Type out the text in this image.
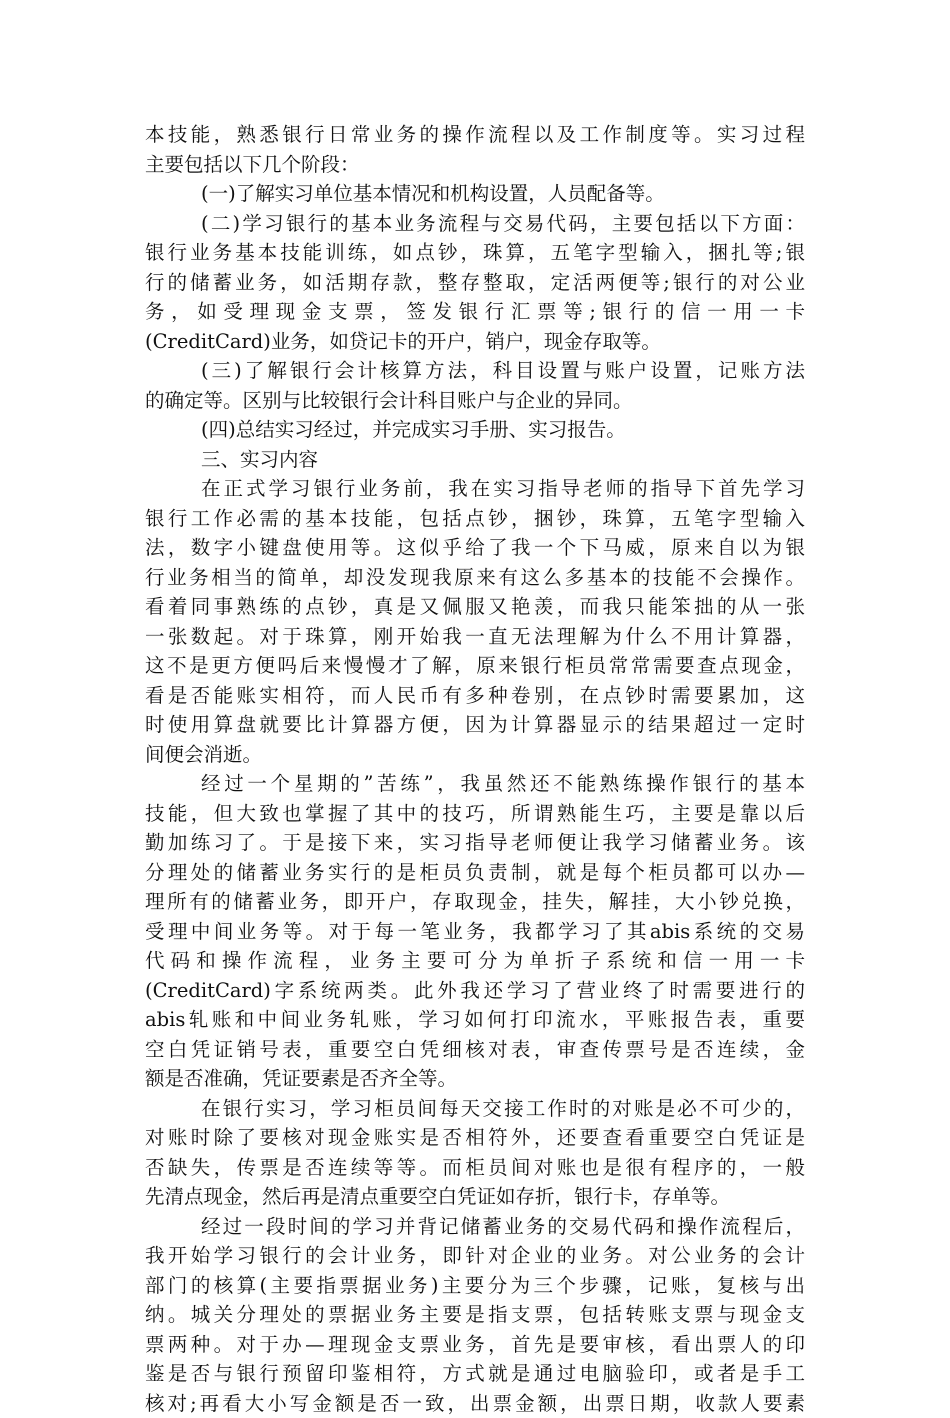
本技能，熟悉银行日常业务的操作流程以及工作制度等。实习过程
主要包括以下几个阶段：
(一)了解实习单位基本情况和机构设置，人员配备等。
(二)学习银行的基本业务流程与交易代码，主要包括以下方面：
银行业务基本技能训练，如点钞，珠算，五笔字型输入，捆扎等;银
行的储蓄业务，如活期存款，整存整取，定活两便等;银行的对公业
务，如受理现金支票，签发银行汇票等;银行的信一用一卡
(CreditCard)业务，如贷记卡的开户，销户，现金存取等。
(三)了解银行会计核算方法，科目设置与账户设置，记账方法
的确定等。区别与比较银行会计科目账户与企业的异同。
(四)总结实习经过，并完成实习手册、实习报告。
三、实习内容
在正式学习银行业务前，我在实习指导老师的指导下首先学习
银行工作必需的基本技能，包括点钞，捆钞，珠算，五笔字型输入
法，数字小键盘使用等。这似乎给了我一个下马威，原来自以为银
行业务相当的简单，却没发现我原来有这么多基本的技能不会操作。
看着同事熟练的点钞，真是又佩服又艳羡，而我只能笨拙的从一张
一张数起。对于珠算，刚开始我一直无法理解为什么不用计算器，
这不是更方便吗后来慢慢才了解，原来银行柜员常常需要查点现金，
看是否能账实相符，而人民币有多种卷别，在点钞时需要累加，这
时使用算盘就要比计算器方便，因为计算器显示的结果超过一定时
间便会消逝。
经过一个星期的”苦练”，我虽然还不能熟练操作银行的基本
技能，但大致也掌握了其中的技巧，所谓熟能生巧，主要是靠以后
勤加练习了。于是接下来，实习指导老师便让我学习储蓄业务。该
分理处的储蓄业务实行的是柜员负责制，就是每个柜员都可以办—
理所有的储蓄业务，即开户，存取现金，挂失，解挂，大小钞兑换，
受理中间业务等。对于每一笔业务，我都学习了其abis系统的交易
代码和操作流程，业务主要可分为单折子系统和信一用一卡
(CreditCard)字系统两类。此外我还学习了营业终了时需要进行的
abis轧账和中间业务轧账，学习如何打印流水，平账报告表，重要
空白凭证销号表，重要空白凭细核对表，审查传票号是否连续，金
额是否准确，凭证要素是否齐全等。
在银行实习，学习柜员间每天交接工作时的对账是必不可少的，
对账时除了要核对现金账实是否相符外，还要查看重要空白凭证是
否缺失，传票是否连续等等。而柜员间对账也是很有程序的，一般
先清点现金，然后再是清点重要空白凭证如存折，银行卡，存单等。
经过一段时间的学习并背记储蓄业务的交易代码和操作流程后，
我开始学习银行的会计业务，即针对企业的业务。对公业务的会计
部门的核算(主要指票据业务)主要分为三个步骤，记账，复核与出
纳。城关分理处的票据业务主要是指支票，包括转账支票与现金支
票两种。对于办—理现金支票业务，首先是要审核，看出票人的印
鉴是否与银行预留印鉴相符，方式就是通过电脑验印，或者是手工
核对;再看大小写金额是否一致，出票金额，出票日期，收款人要素
